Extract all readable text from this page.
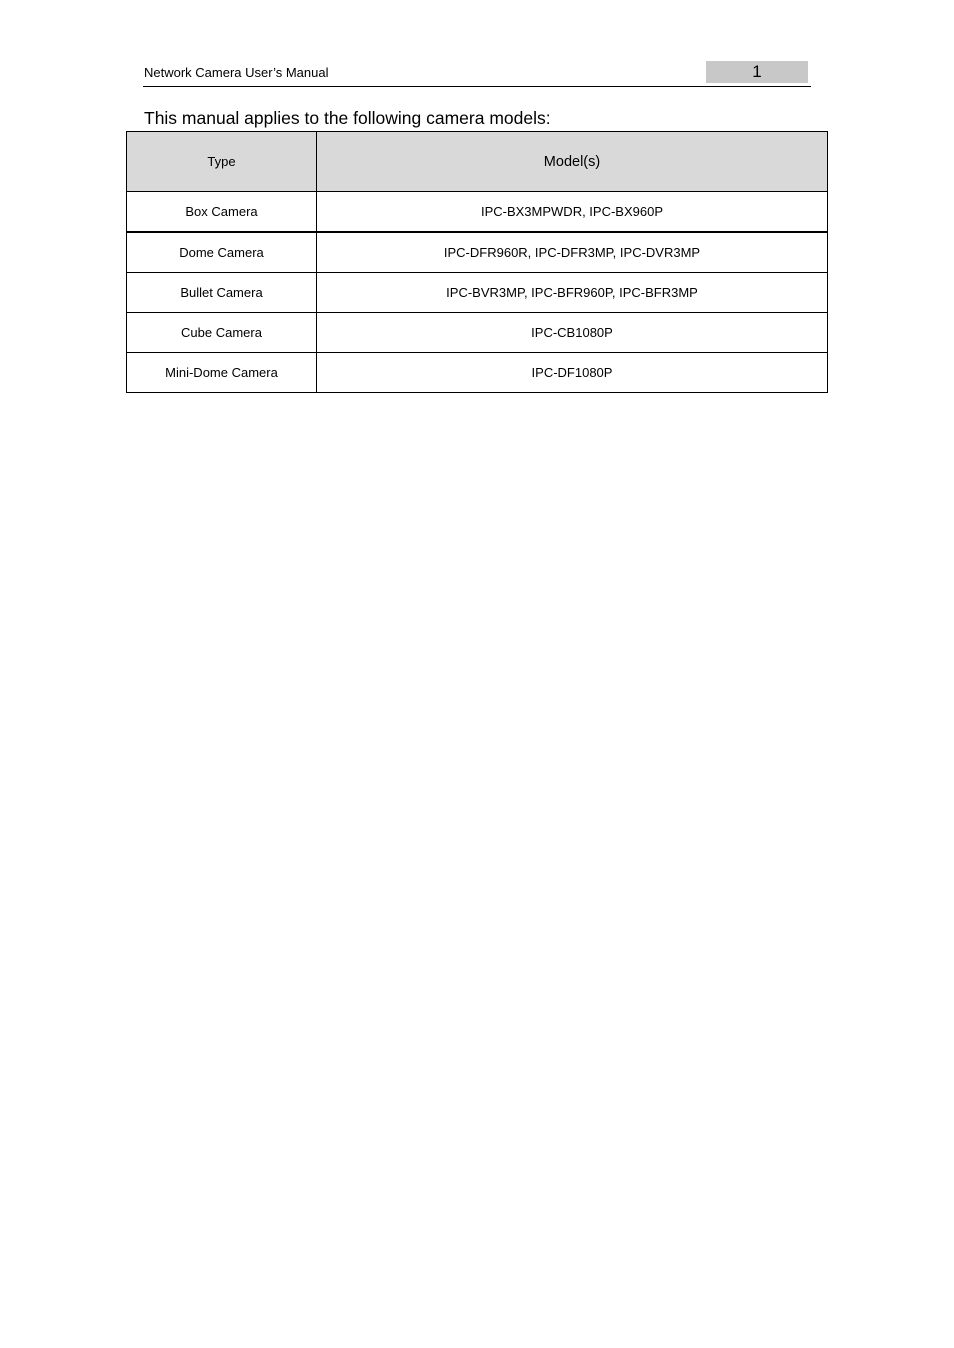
Network Camera User’s Manual	1
This manual applies to the following camera models:
Type	Model(s)
Box Camera	IPC-BX3MPWDR, IPC-BX960P
Dome Camera	IPC-DFR960R, IPC-DFR3MP, IPC-DVR3MP
Bullet Camera	IPC-BVR3MP, IPC-BFR960P, IPC-BFR3MP
Cube Camera	IPC-CB1080P
Mini-Dome Camera	IPC-DF1080P
